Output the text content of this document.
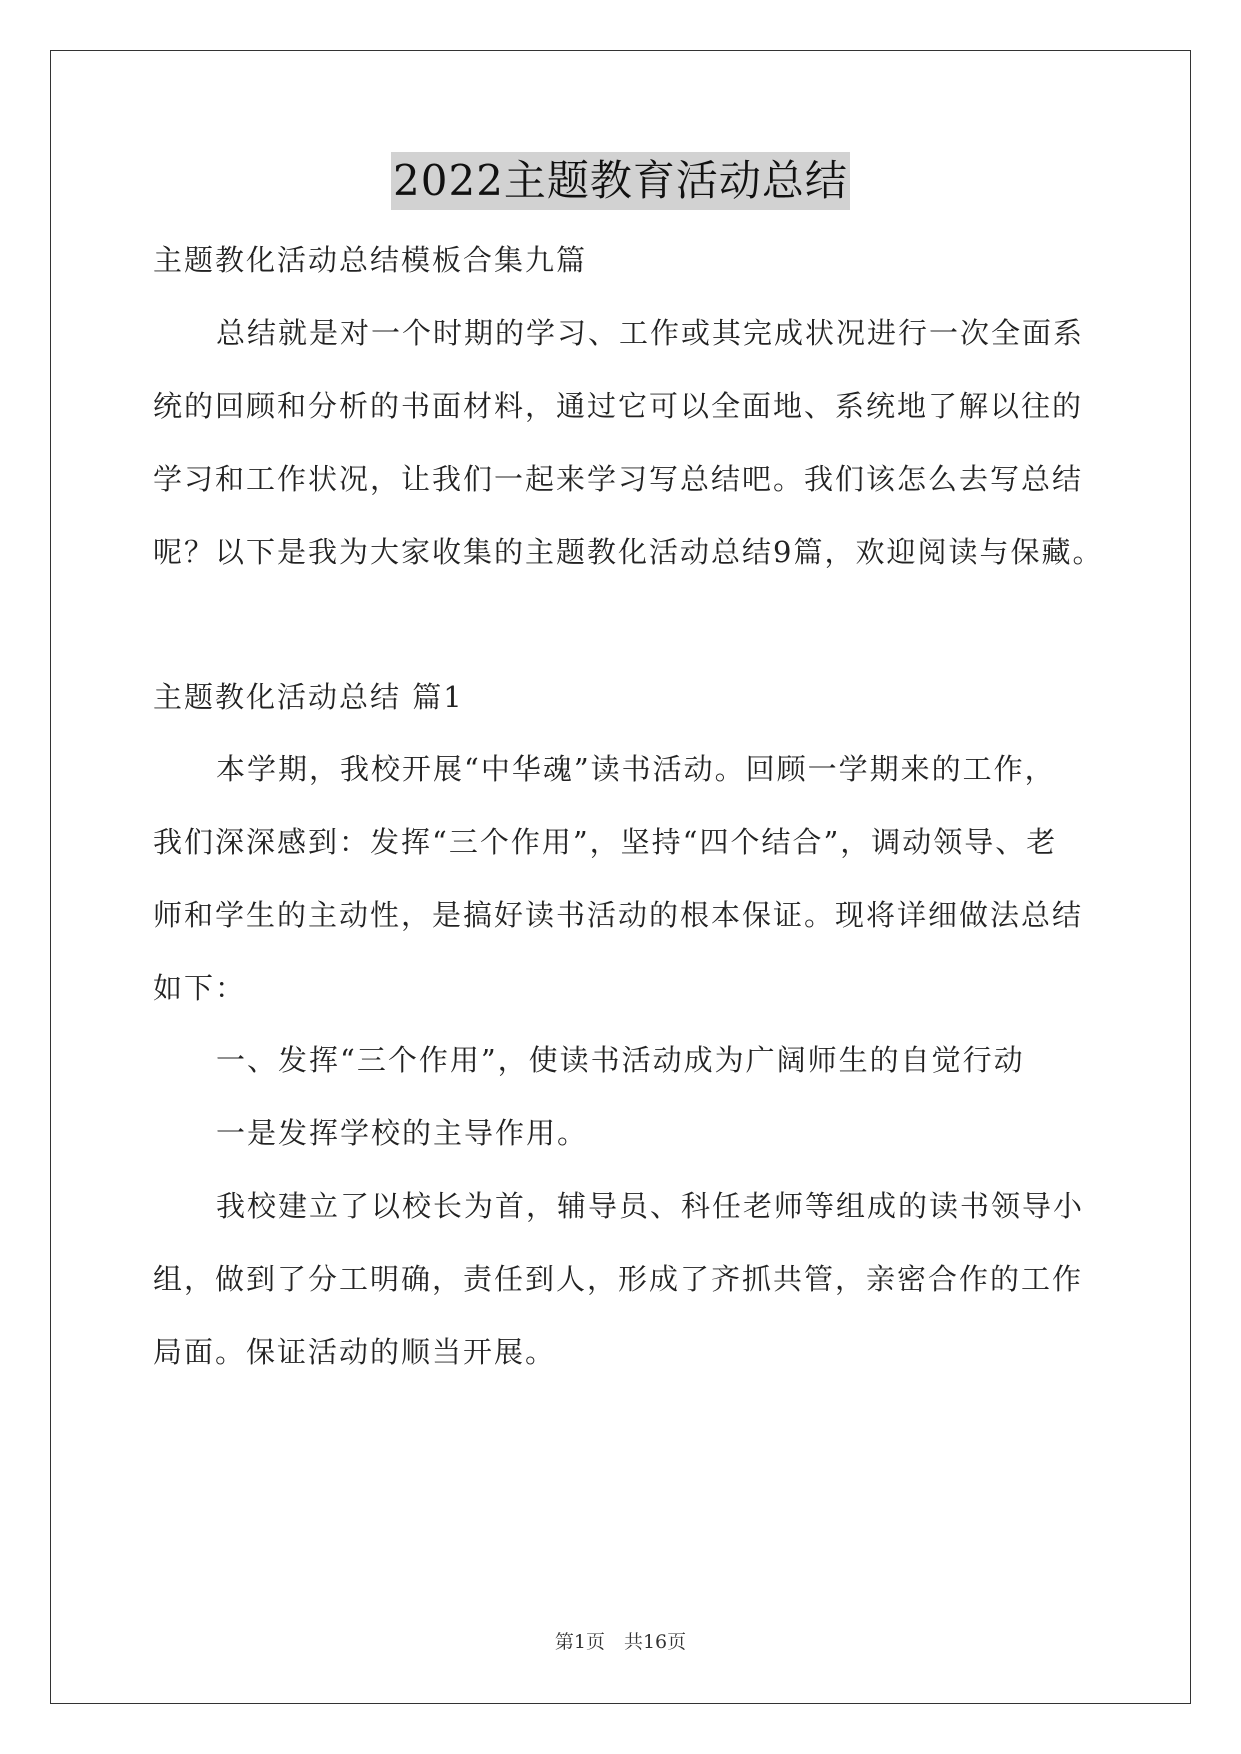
2022主题教育活动总结
主题教化活动总结模板合集九篇
总结就是对一个时期的学习、工作或其完成状况进行一次全面系
统的回顾和分析的书面材料，通过它可以全面地、系统地了解以往的
学习和工作状况，让我们一起来学习写总结吧。我们该怎么去写总结
呢？以下是我为大家收集的主题教化活动总结9篇，欢迎阅读与保藏。
主题教化活动总结 篇1
本学期，我校开展“中华魂”读书活动。回顾一学期来的工作，
我们深深感到：发挥“三个作用”，坚持“四个结合”，调动领导、老
师和学生的主动性，是搞好读书活动的根本保证。现将详细做法总结
如下：
一、发挥“三个作用”，使读书活动成为广阔师生的自觉行动
一是发挥学校的主导作用。
我校建立了以校长为首，辅导员、科任老师等组成的读书领导小
组，做到了分工明确，责任到人，形成了齐抓共管，亲密合作的工作
局面。保证活动的顺当开展。
第1页　共16页
